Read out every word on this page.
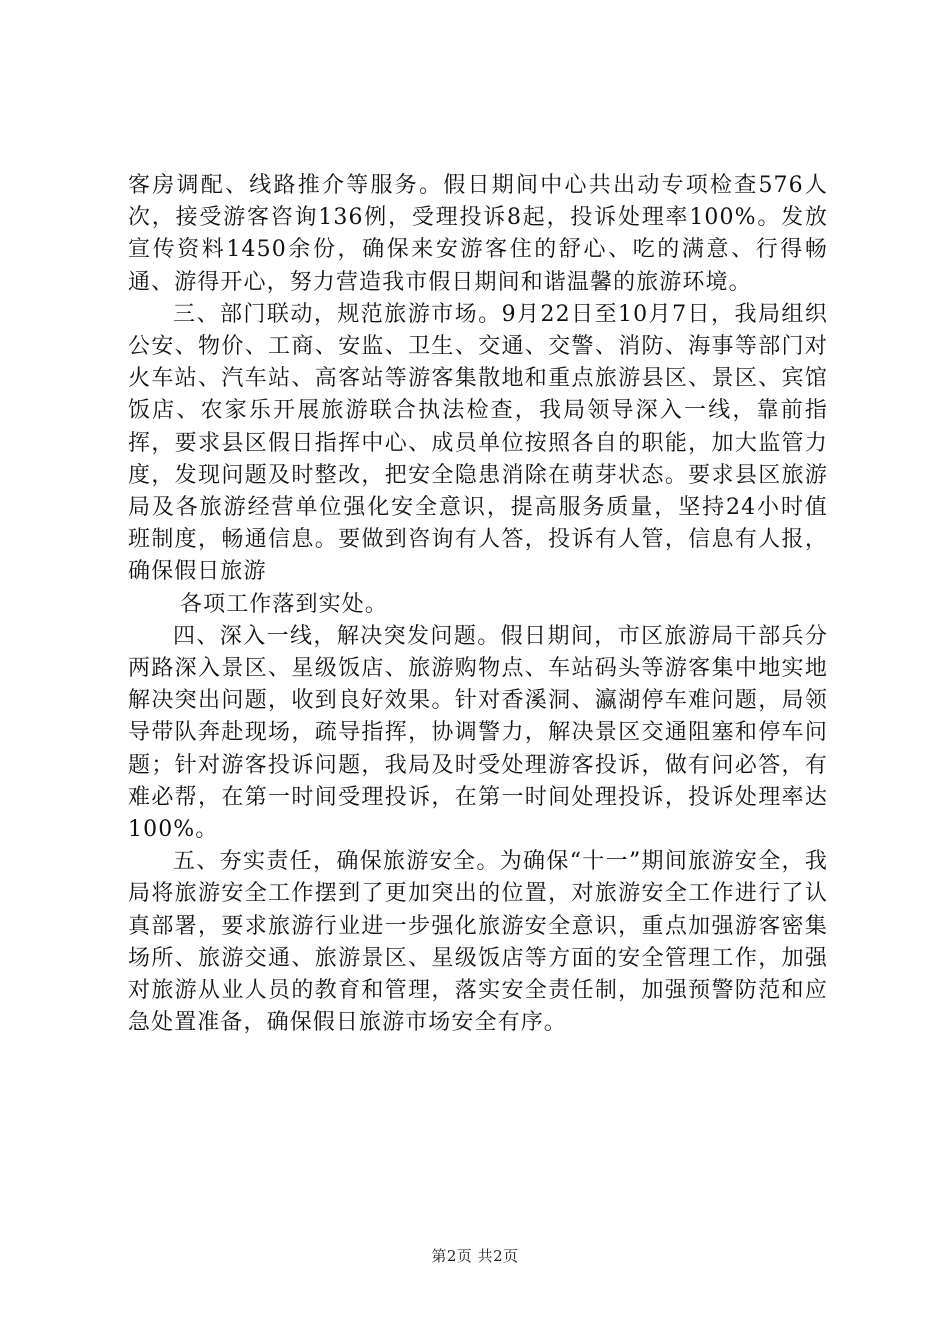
客房调配、线路推介等服务。假日期间中心共出动专项检查576人次，接受游客咨询136例，受理投诉8起，投诉处理率100%。发放宣传资料1450余份，确保来安游客住的舒心、吃的满意、行得畅通、游得开心，努力营造我市假日期间和谐温馨的旅游环境。

三、部门联动，规范旅游市场。9月22日至10月7日，我局组织公安、物价、工商、安监、卫生、交通、交警、消防、海事等部门对火车站、汽车站、高客站等游客集散地和重点旅游县区、景区、宾馆饭店、农家乐开展旅游联合执法检查，我局领导深入一线，靠前指挥，要求县区假日指挥中心、成员单位按照各自的职能，加大监管力度，发现问题及时整改，把安全隐患消除在萌芽状态。要求县区旅游局及各旅游经营单位强化安全意识，提高服务质量，坚持24小时值班制度，畅通信息。要做到咨询有人答，投诉有人管，信息有人报，确保假日旅游

各项工作落到实处。

四、深入一线，解决突发问题。假日期间，市区旅游局干部兵分两路深入景区、星级饭店、旅游购物点、车站码头等游客集中地实地解决突出问题，收到良好效果。针对香溪洞、瀛湖停车难问题，局领导带队奔赴现场，疏导指挥，协调警力，解决景区交通阻塞和停车问题；针对游客投诉问题，我局及时受处理游客投诉，做有问必答，有难必帮，在第一时间受理投诉，在第一时间处理投诉，投诉处理率达100%。

五、夯实责任，确保旅游安全。为确保“十一”期间旅游安全，我局将旅游安全工作摆到了更加突出的位置，对旅游安全工作进行了认真部署，要求旅游行业进一步强化旅游安全意识，重点加强游客密集场所、旅游交通、旅游景区、星级饭店等方面的安全管理工作，加强对旅游从业人员的教育和管理，落实安全责任制，加强预警防范和应急处置准备，确保假日旅游市场安全有序。

第2页 共2页
